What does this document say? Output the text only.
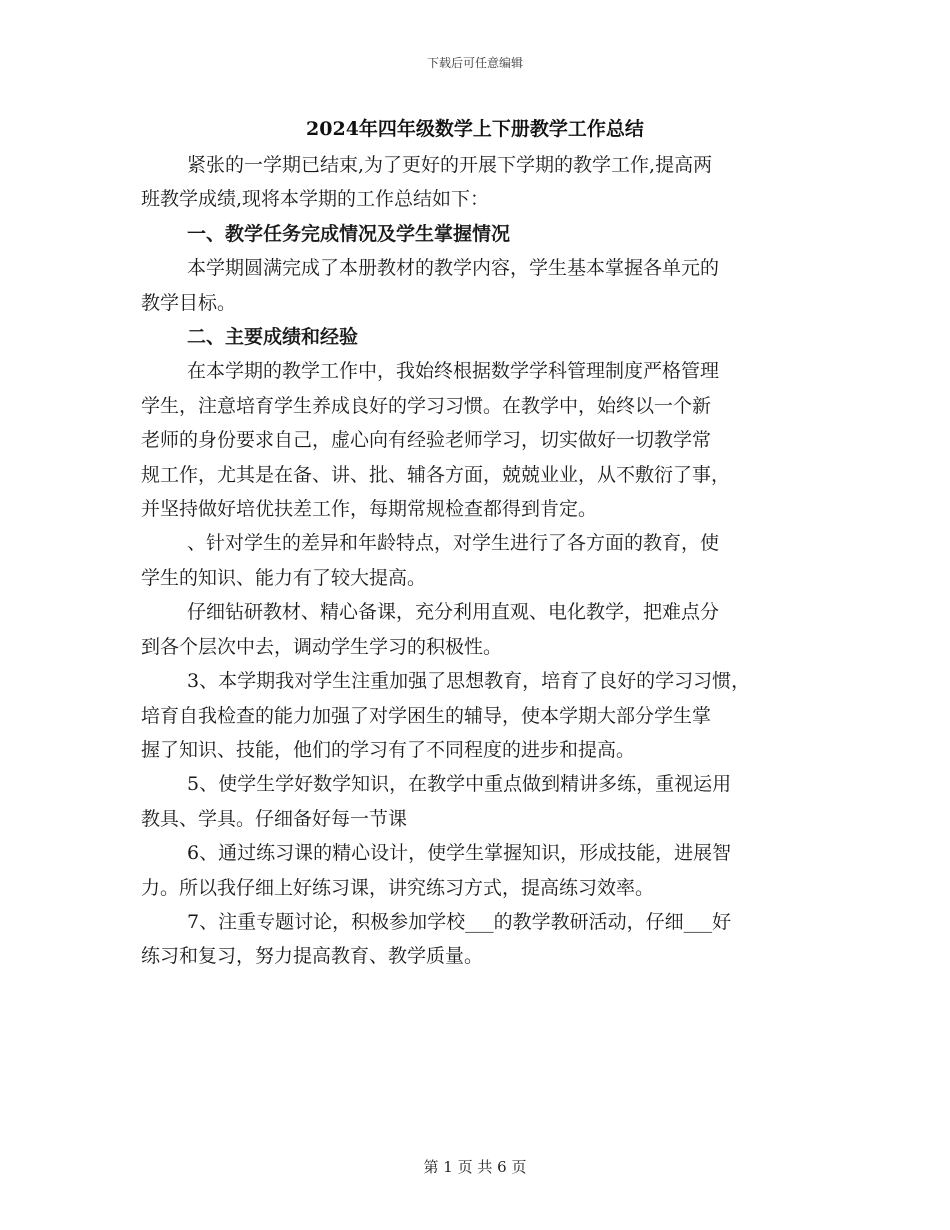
下载后可任意编辑
2024年四年级数学上下册教学工作总结

紧张的一学期已结束,为了更好的开展下学期的教学工作,提高两

班教学成绩,现将本学期的工作总结如下：

一、教学任务完成情况及学生掌握情况

本学期圆满完成了本册教材的教学内容，学生基本掌握各单元的

教学目标。

二、主要成绩和经验

在本学期的教学工作中，我始终根据数学学科管理制度严格管理

学生，注意培育学生养成良好的学习习惯。在教学中，始终以一个新

老师的身份要求自己，虚心向有经验老师学习，切实做好一切教学常

规工作，尤其是在备、讲、批、辅各方面，兢兢业业，从不敷衍了事，

并坚持做好培优扶差工作，每期常规检查都得到肯定。

、针对学生的差异和年龄特点，对学生进行了各方面的教育，使

学生的知识、能力有了较大提高。

仔细钻研教材、精心备课，充分利用直观、电化教学，把难点分

到各个层次中去，调动学生学习的积极性。

3、本学期我对学生注重加强了思想教育，培育了良好的学习习惯，

培育自我检查的能力加强了对学困生的辅导，使本学期大部分学生掌

握了知识、技能，他们的学习有了不同程度的进步和提高。

5、使学生学好数学知识，在教学中重点做到精讲多练，重视运用

教具、学具。仔细备好每一节课

6、通过练习课的精心设计，使学生掌握知识，形成技能，进展智

力。所以我仔细上好练习课，讲究练习方式，提高练习效率。

7、注重专题讨论，积极参加学校___的教学教研活动，仔细___好

练习和复习，努力提高教育、教学质量。

第 1 页 共 6 页
